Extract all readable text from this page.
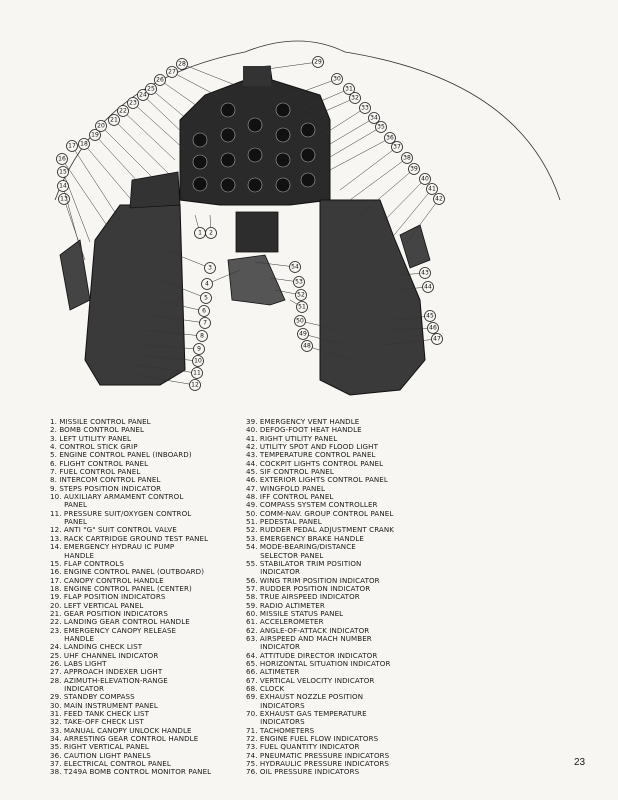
1 2
3
4
5
6
7
8
9
10
11
12
13
14
15
16
17 18
19
20
21
22
23
24
25
26
27
28	29
30
31
32
33
34
35
36
37
38
39
40
41
42
43
44
45
46
47
48
49
50
51
52
53
54
1. MISSILE CONTROL PANEL
2. BOMB CONTROL PANEL
3. LEFT UTILITY PANEL
4. CONTROL STICK GRIP
5. ENGINE CONTROL PANEL (INBOARD)
6. FLIGHT CONTROL PANEL
7. FUEL CONTROL PANEL
8. INTERCOM CONTROL PANEL
9. STEPS POSITION INDICATOR
10. AUXILIARY ARMAMENT CONTROL
PANEL
11. PRESSURE SUIT/OXYGEN CONTROL
PANEL
12. ANTI "G" SUIT CONTROL VALVE
13. RACK CARTRIDGE GROUND TEST PANEL
14. EMERGENCY HYDRAU IC PUMP
HANDLE
15. FLAP CONTROLS
16. ENGINE CONTROL PANEL (OUTBOARD)
17. CANOPY CONTROL HANDLE
18. ENGINE CONTROL PANEL (CENTER)
19. FLAP POSITION INDICATORS
20. LEFT VERTICAL PANEL
21. GEAR POSITION INDICATORS
22. LANDING GEAR CONTROL HANDLE
23. EMERGENCY CANOPY RELEASE
HANDLE
24. LANDING CHECK LIST
25. UHF CHANNEL INDICATOR
26. LABS LIGHT
27. APPROACH INDEXER LIGHT
28. AZIMUTH-ELEVATION-RANGE
INDICATOR
29. STANDBY COMPASS
30. MAIN INSTRUMENT PANEL
31. FEED TANK CHECK LIST
32. TAKE-OFF CHECK LIST
33. MANUAL CANOPY UNLOCK HANDLE
34. ARRESTING GEAR CONTROL HANDLE
35. RIGHT VERTICAL PANEL
36. CAUTION LIGHT PANELS
37. ELECTRICAL CONTROL PANEL
38. T249A BOMB CONTROL MONITOR PANEL
39. EMERGENCY VENT HANDLE
40. DEFOG-FOOT HEAT HANDLE
41. RIGHT UTILITY PANEL
42. UTILITY SPOT AND FLOOD LIGHT
43. TEMPERATURE CONTROL PANEL
44. COCKPIT LIGHTS CONTROL PANEL
45. SIF CONTROL PANEL
46. EXTERIOR LIGHTS CONTROL PANEL
47. WINGFOLD PANEL
48. IFF CONTROL PANEL
49. COMPASS SYSTEM CONTROLLER
50. COMM-NAV. GROUP CONTROL PANEL
51. PEDESTAL PANEL
52. RUDDER PEDAL ADJUSTMENT CRANK
53. EMERGENCY BRAKE HANDLE
54. MODE-BEARING/DISTANCE
SELECTOR PANEL
55. STABILATOR TRIM POSITION
INDICATOR
56. WING TRIM POSITION INDICATOR
57. RUDDER POSITION INDICATOR
58. TRUE AIRSPEED INDICATOR
59. RADIO ALTIMETER
60. MISSILE STATUS PANEL
61. ACCELEROMETER
62. ANGLE-OF-ATTACK INDICATOR
63. AIRSPEED AND MACH NUMBER
INDICATOR
64. ATTITUDE DIRECTOR INDICATOR
65. HORIZONTAL SITUATION INDICATOR
66. ALTIMETER
67. VERTICAL VELOCITY INDICATOR
68. CLOCK
69. EXHAUST NOZZLE POSITION
INDICATORS
70. EXHAUST GAS TEMPERATURE
INDICATORS
71. TACHOMETERS
72. ENGINE FUEL FLOW INDICATORS
73. FUEL QUANTITY INDICATOR
74. PNEUMATIC PRESSURE INDICATORS
75. HYDRAULIC PRESSURE INDICATORS
76. OIL PRESSURE INDICATORS
23
